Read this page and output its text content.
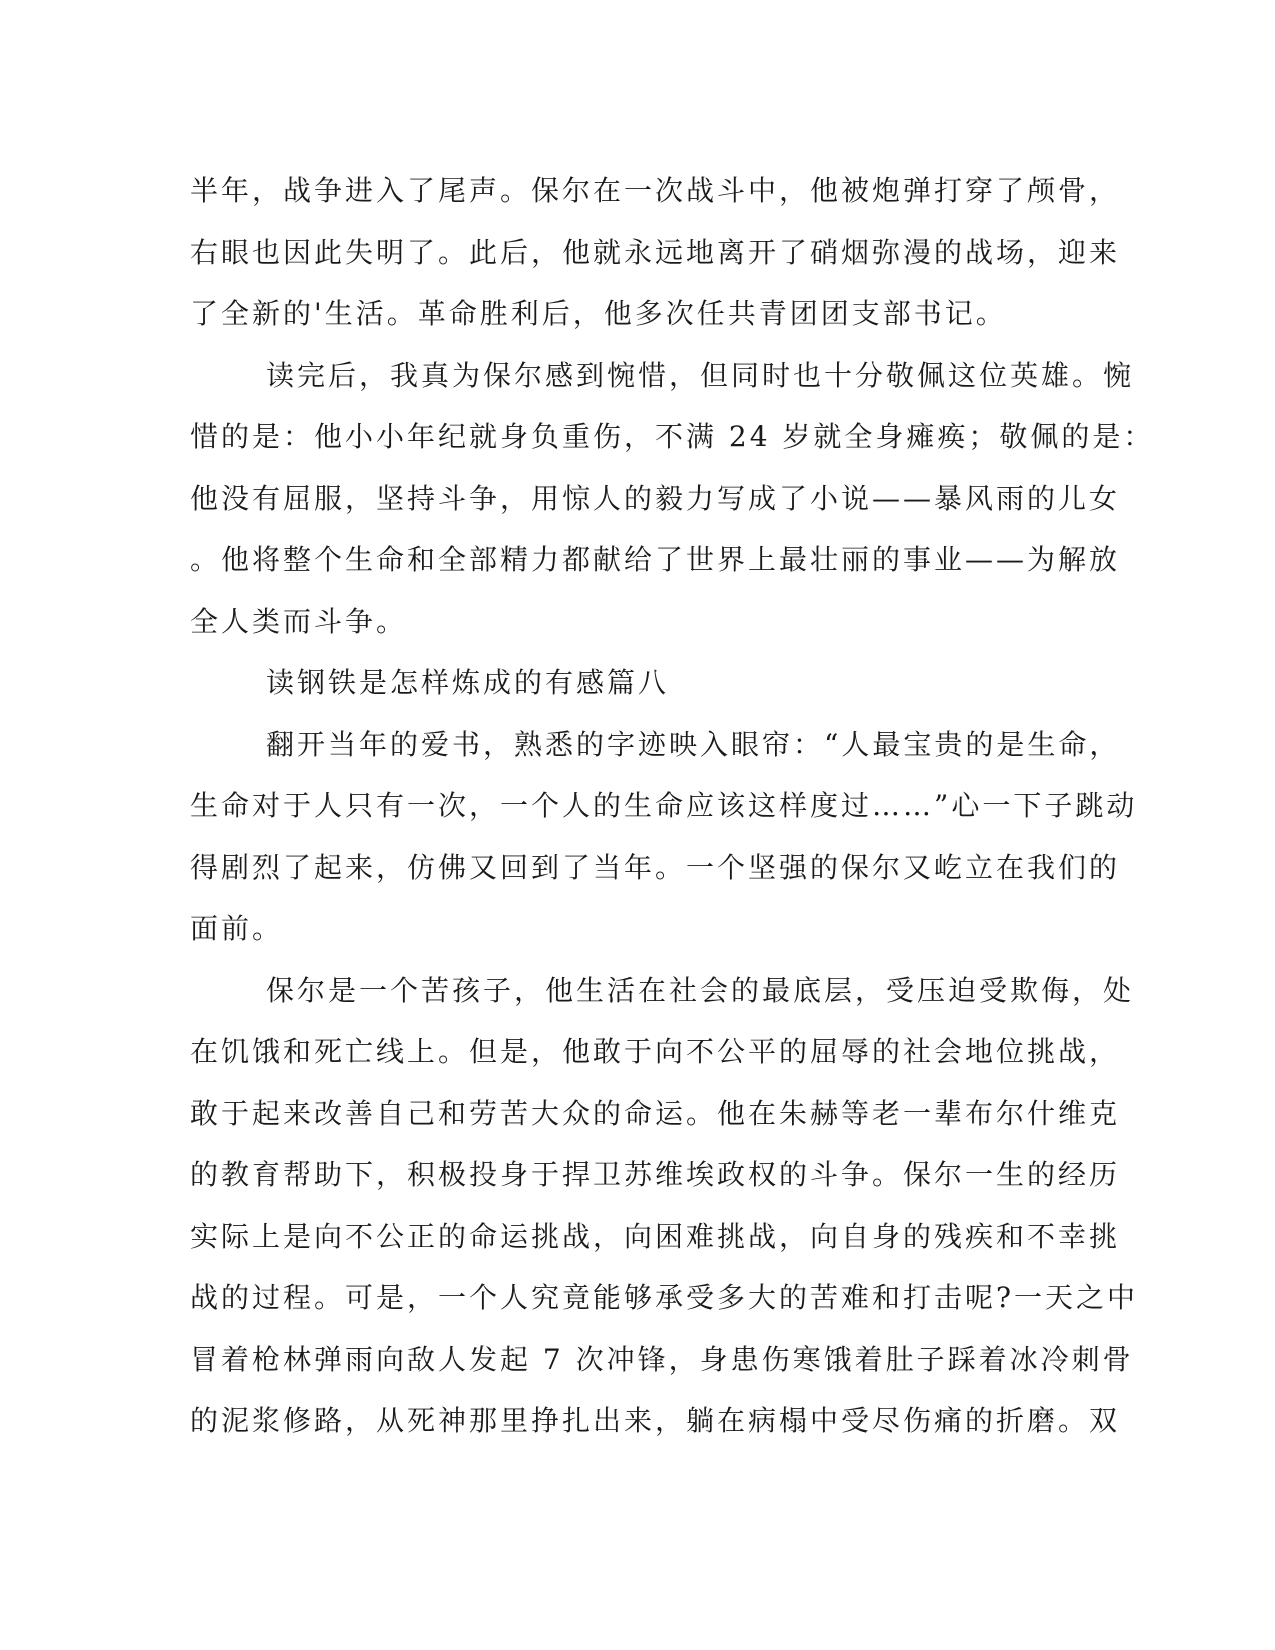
半年，战争进入了尾声。保尔在一次战斗中，他被炮弹打穿了颅骨，
右眼也因此失明了。此后，他就永远地离开了硝烟弥漫的战场，迎来
了全新的'生活。革命胜利后，他多次任共青团团支部书记。
读完后，我真为保尔感到惋惜，但同时也十分敬佩这位英雄。惋
惜的是：他小小年纪就身负重伤，不满 24 岁就全身瘫痪；敬佩的是：
他没有屈服，坚持斗争，用惊人的毅力写成了小说——暴风雨的儿女
。他将整个生命和全部精力都献给了世界上最壮丽的事业——为解放
全人类而斗争。
读钢铁是怎样炼成的有感篇八
翻开当年的爱书，熟悉的字迹映入眼帘：“人最宝贵的是生命，
生命对于人只有一次，一个人的生命应该这样度过……”心一下子跳动
得剧烈了起来，仿佛又回到了当年。一个坚强的保尔又屹立在我们的
面前。
保尔是一个苦孩子，他生活在社会的最底层，受压迫受欺侮，处
在饥饿和死亡线上。但是，他敢于向不公平的屈辱的社会地位挑战，
敢于起来改善自己和劳苦大众的命运。他在朱赫等老一辈布尔什维克
的教育帮助下，积极投身于捍卫苏维埃政权的斗争。保尔一生的经历
实际上是向不公正的命运挑战，向困难挑战，向自身的残疾和不幸挑
战的过程。可是，一个人究竟能够承受多大的苦难和打击呢?一天之中
冒着枪林弹雨向敌人发起 7 次冲锋，身患伤寒饿着肚子踩着冰冷刺骨
的泥浆修路，从死神那里挣扎出来，躺在病榻中受尽伤痛的折磨。双
